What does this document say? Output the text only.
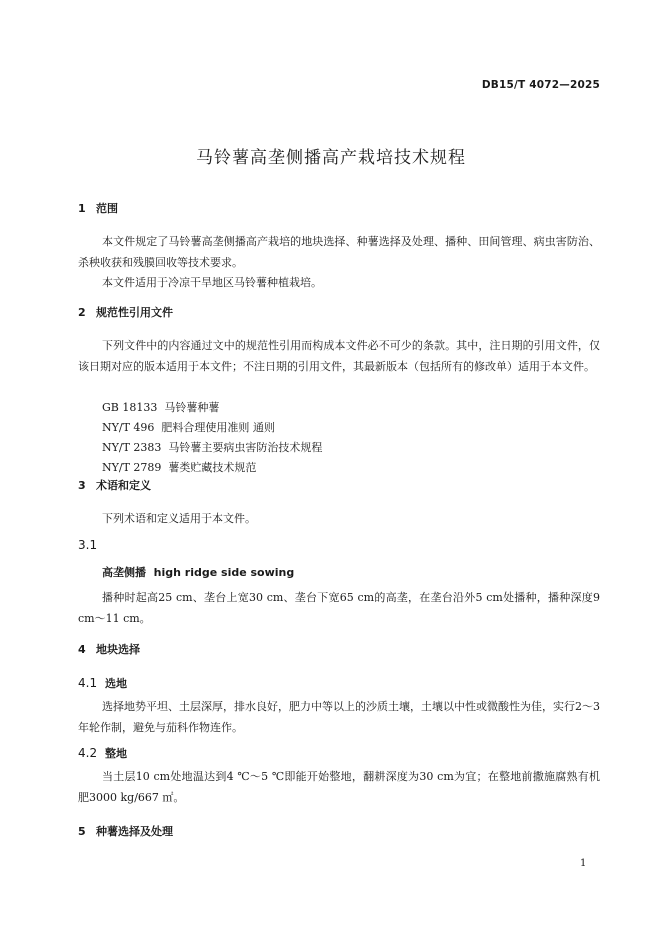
DB15/T 4072—2025
马铃薯高垄侧播高产栽培技术规程
1 范围

本文件规定了马铃薯高垄侧播高产栽培的地块选择、种薯选择及处理、播种、田间管理、病虫害防治、杀秧收获和残膜回收等技术要求。

本文件适用于冷凉干旱地区马铃薯种植栽培。

2 规范性引用文件

下列文件中的内容通过文中的规范性引用而构成本文件必不可少的条款。其中，注日期的引用文件，仅该日期对应的版本适用于本文件；不注日期的引用文件，其最新版本（包括所有的修改单）适用于本文件。

GB 18133  马铃薯种薯
NY/T 496  肥料合理使用准则 通则
NY/T 2383  马铃薯主要病虫害防治技术规程
NY/T 2789  薯类贮藏技术规范
3 术语和定义

下列术语和定义适用于本文件。

3.1
高垄侧播  high ridge side sowing

播种时起高25 cm、垄台上宽30 cm、垄台下宽65 cm的高垄，在垄台沿外5 cm处播种，播种深度9 cm～11 cm。

4 地块选择
4.1 选地

选择地势平坦、土层深厚，排水良好，肥力中等以上的沙质土壤，土壤以中性或微酸性为佳，实行2～3年轮作制，避免与茄科作物连作。

4.2 整地

当土层10 cm处地温达到4 ℃～5 ℃即能开始整地，翻耕深度为30 cm为宜；在整地前撒施腐熟有机肥3000 kg/667 ㎡。

5 种薯选择及处理
1
